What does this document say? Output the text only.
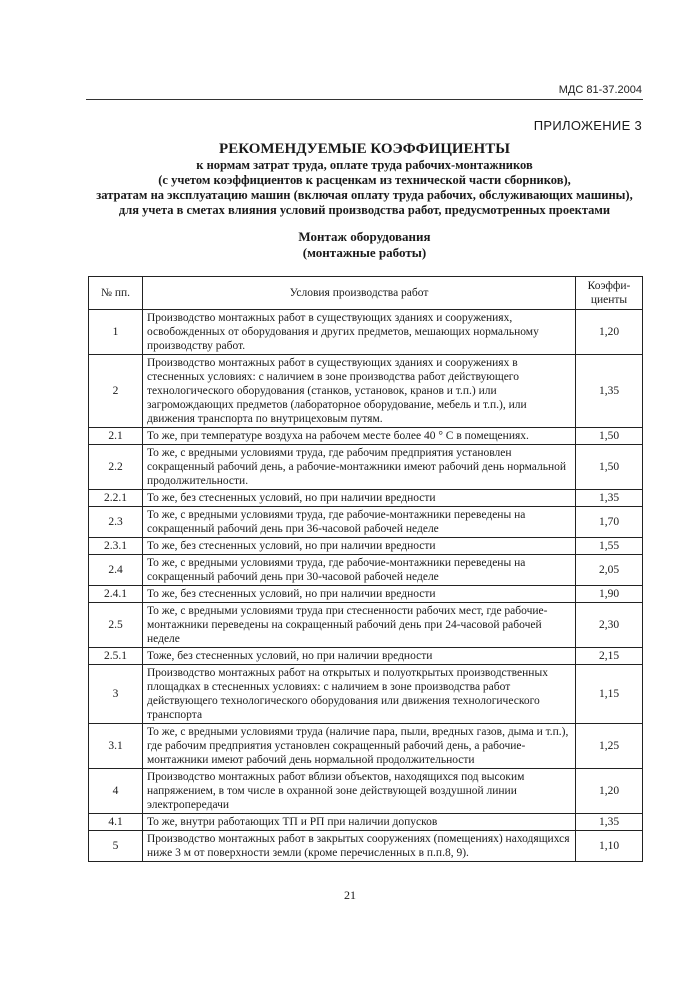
МДС 81-37.2004
ПРИЛОЖЕНИЕ 3
РЕКОМЕНДУЕМЫЕ КОЭФФИЦИЕНТЫ
к нормам затрат труда, оплате труда рабочих-монтажников
(с учетом коэффициентов к расценкам из технической части сборников),
затратам на эксплуатацию машин (включая оплату труда рабочих, обслуживающих машины),
для учета в сметах влияния условий производства работ, предусмотренных проектами
Монтаж оборудования
(монтажные работы)
№ пп.	Условия производства работ	Коэффи-
циенты
1	Производство монтажных работ в существующих зданиях и сооружениях, освобожденных от оборудования и других предметов, мешающих нормальному производству работ.	1,20
2	Производство монтажных работ в существующих зданиях и сооружениях в стесненных условиях: с наличием в зоне производства работ действующего технологического оборудования (станков, установок, кранов и т.п.) или загромождающих предметов (лабораторное оборудование, мебель и т.п.), или движения транспорта по внутрицеховым путям.	1,35
2.1	То же, при температуре воздуха на рабочем месте более 40 ° С в помещениях.	1,50
2.2	То же, с вредными условиями труда, где рабочим предприятия установлен сокращенный рабочий день, а рабочие-монтажники имеют рабочий день нормальной продолжительности.	1,50
2.2.1	То же, без стесненных условий, но при наличии вредности	1,35
2.3	То же, с вредными условиями труда, где рабочие-монтажники переведены на сокращенный рабочий день при 36-часовой рабочей неделе	1,70
2.3.1	То же, без стесненных условий, но при наличии вредности	1,55
2.4	То же, с вредными условиями труда, где рабочие-монтажники переведены на сокращенный рабочий день при 30-часовой рабочей неделе	2,05
2.4.1	То же, без стесненных условий, но при наличии вредности	1,90
2.5	То же, с вредными условиями труда при стесненности рабочих мест, где рабочие-монтажники переведены на сокращенный рабочий день при 24-часовой рабочей неделе	2,30
2.5.1	Тоже, без стесненных условий, но при наличии вредности	2,15
3	Производство монтажных работ на открытых и полуоткрытых производственных площадках в стесненных условиях: с наличием в зоне производства работ действующего технологического оборудования или движения технологического транспорта	1,15
3.1	То же, с вредными условиями труда (наличие пара, пыли, вредных газов, дыма и т.п.), где рабочим предприятия установлен сокращенный рабочий день, а рабочие-монтажники имеют рабочий день нормальной продолжительности	1,25
4	Производство монтажных работ вблизи объектов, находящихся под высоким напряжением, в том числе в охранной зоне действующей воздушной линии электропередачи	1,20
4.1	То же, внутри работающих ТП и РП при наличии допусков	1,35
5	Производство монтажных работ в закрытых сооружениях (помещениях) находящихся ниже 3 м от поверхности земли (кроме перечисленных в п.п.8, 9).	1,10
21
